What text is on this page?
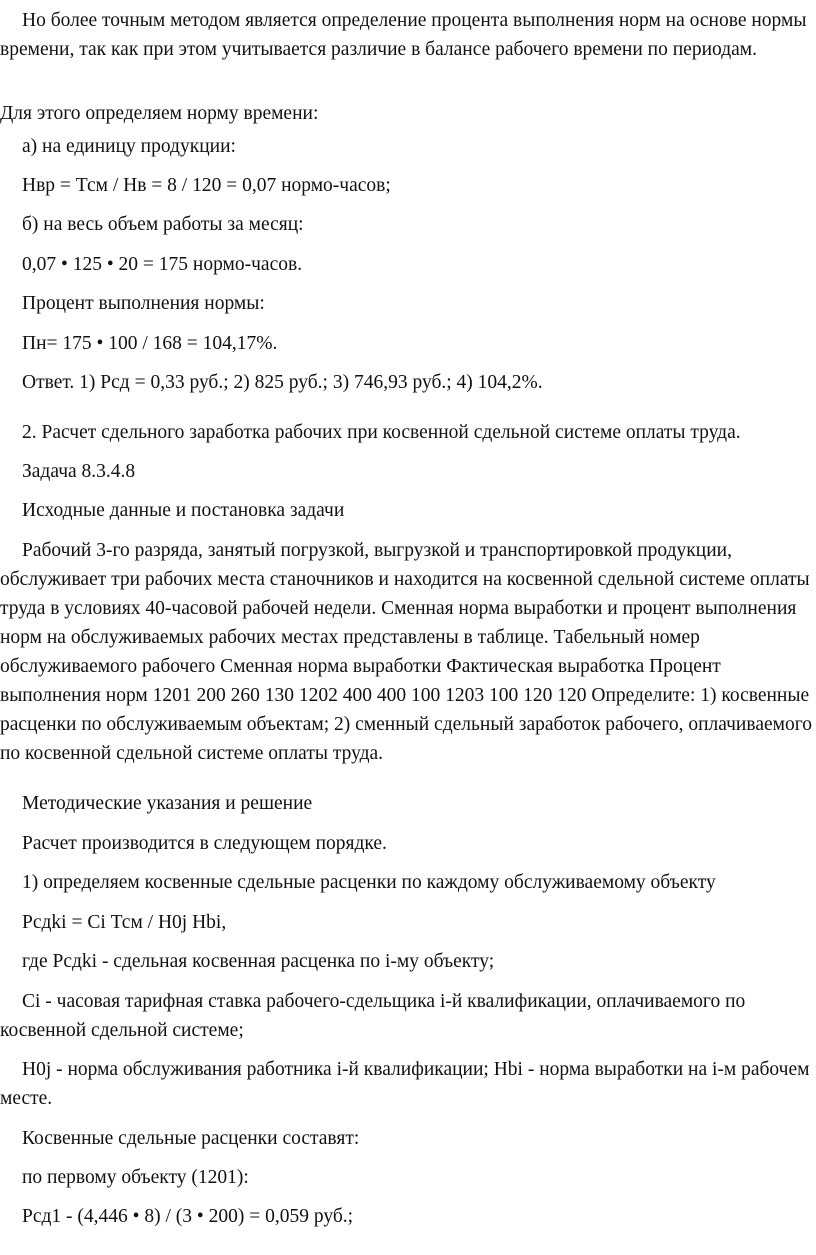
Но более точным методом является определение процента выполнения норм на основе нормы времени, так как при этом учитывается различие в балансе рабочего времени по периодам.

Для этого определяем норму времени:

а) на единицу продукции:

Нвр = Тсм / Нв = 8 / 120 = 0,07 нормо-часов;

б) на весь объем работы за месяц:

0,07 • 125 • 20 = 175 нормо-часов.

Процент выполнения нормы:

Пн= 175 • 100 / 168 = 104,17%.

Ответ. 1) Рсд = 0,33 руб.; 2) 825 руб.; 3) 746,93 руб.; 4) 104,2%.

2. Расчет сдельного заработка рабочих при косвенной сдельной системе оплаты труда.

Задача 8.3.4.8

Исходные данные и постановка задачи

Рабочий 3-го разряда, занятый погрузкой, выгрузкой и транспортировкой продукции, обслуживает три рабочих места станочников и находится на косвенной сдельной системе оплаты труда в условиях 40-часовой рабочей недели. Сменная норма выработки и процент выполнения норм на обслуживаемых рабочих местах представлены в таблице. Табельный номер обслуживаемого рабочего Сменная норма выработки Фактическая выработка Процент выполнения норм 1201 200 260 130 1202 400 400 100 1203 100 120 120 Определите: 1) косвенные расценки по обслуживаемым объектам; 2) сменный сдельный заработок рабочего, оплачиваемого по косвенной сдельной системе оплаты труда.

Методические указания и решение

Расчет производится в следующем порядке.

1) определяем косвенные сдельные расценки по каждому обслуживаемому объекту

Рсдki = Ci Тсм / Н0j Hbi,

где Рсдki - сдельная косвенная расценка по i-му объекту;

Ci - часовая тарифная ставка рабочего-сдельщика i-й квалификации, оплачиваемого по косвенной сдельной системе;

Н0j - норма обслуживания работника i-й квалификации; Hbi - норма выработки на i-м рабочем месте.

Косвенные сдельные расценки составят:

по первому объекту (1201):

Рсд1 - (4,446 • 8) / (3 • 200) = 0,059 руб.;
